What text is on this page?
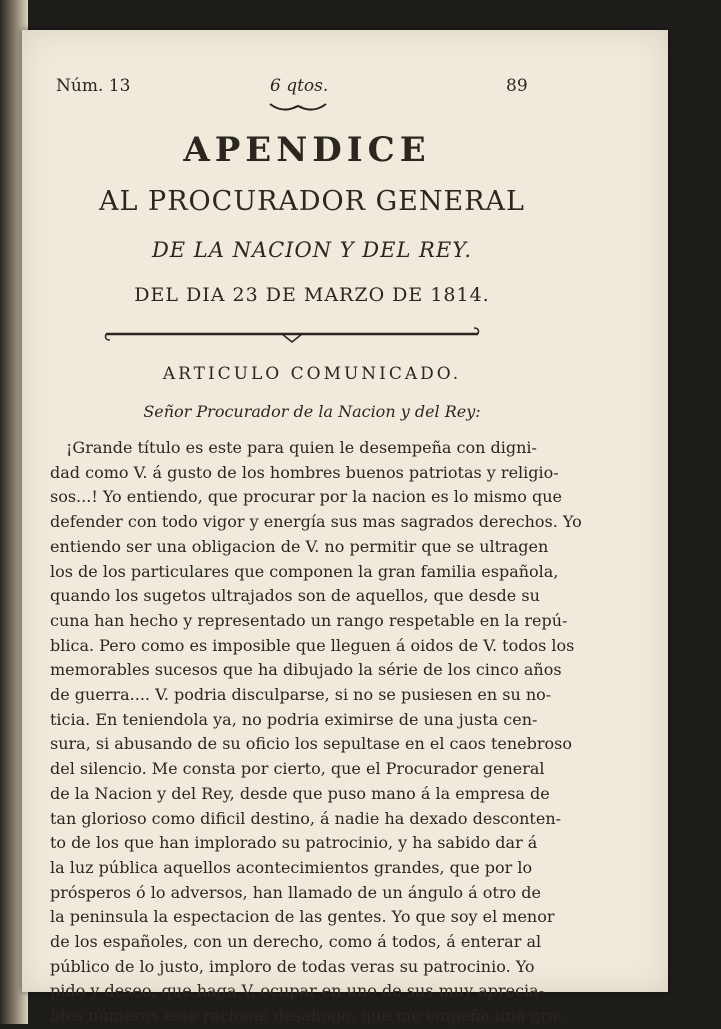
Núm. 13	6 qtos.	89
APENDICE
AL PROCURADOR GENERAL
DE LA NACION Y DEL REY.
DEL DIA 23 DE MARZO DE 1814.
ARTICULO COMUNICADO.
Señor Procurador de la Nacion y del Rey:
¡Grande título es este para quien le desempeña con digni-
dad como V. á gusto de los hombres buenos patriotas y religio-
sos...! Yo entiendo, que procurar por la nacion es lo mismo que
defender con todo vigor y energía sus mas sagrados derechos. Yo
entiendo ser una obligacion de V. no permitir que se ultragen
los de los particulares que componen la gran familia española,
quando los sugetos ultrajados son de aquellos, que desde su
cuna han hecho y representado un rango respetable en la repú-
blica. Pero como es imposible que lleguen á oidos de V. todos los
memorables sucesos que ha dibujado la série de los cinco años
de guerra.... V. podria disculparse, si no se pusiesen en su no-
ticia. En teniendola ya, no podria eximirse de una justa cen-
sura, si abusando de su oficio los sepultase en el caos tenebroso
del silencio. Me consta por cierto, que el Procurador general
de la Nacion y del Rey, desde que puso mano á la empresa de
tan glorioso como dificil destino, á nadie ha dexado desconten-
to de los que han implorado su patrocinio, y ha sabido dar á
la luz pública aquellos acontecimientos grandes, que por lo
prósperos ó lo adversos, han llamado de un ángulo á otro de
la peninsula la espectacion de las gentes. Yo que soy el menor
de los españoles, con un derecho, como á todos, á enterar al
público de lo justo, imploro de todas veras su patrocinio. Yo
pido y deseo, que haga V. ocupar en uno de sus muy aprecia-
bles números este racional desahogo, que me empeña una gra-
